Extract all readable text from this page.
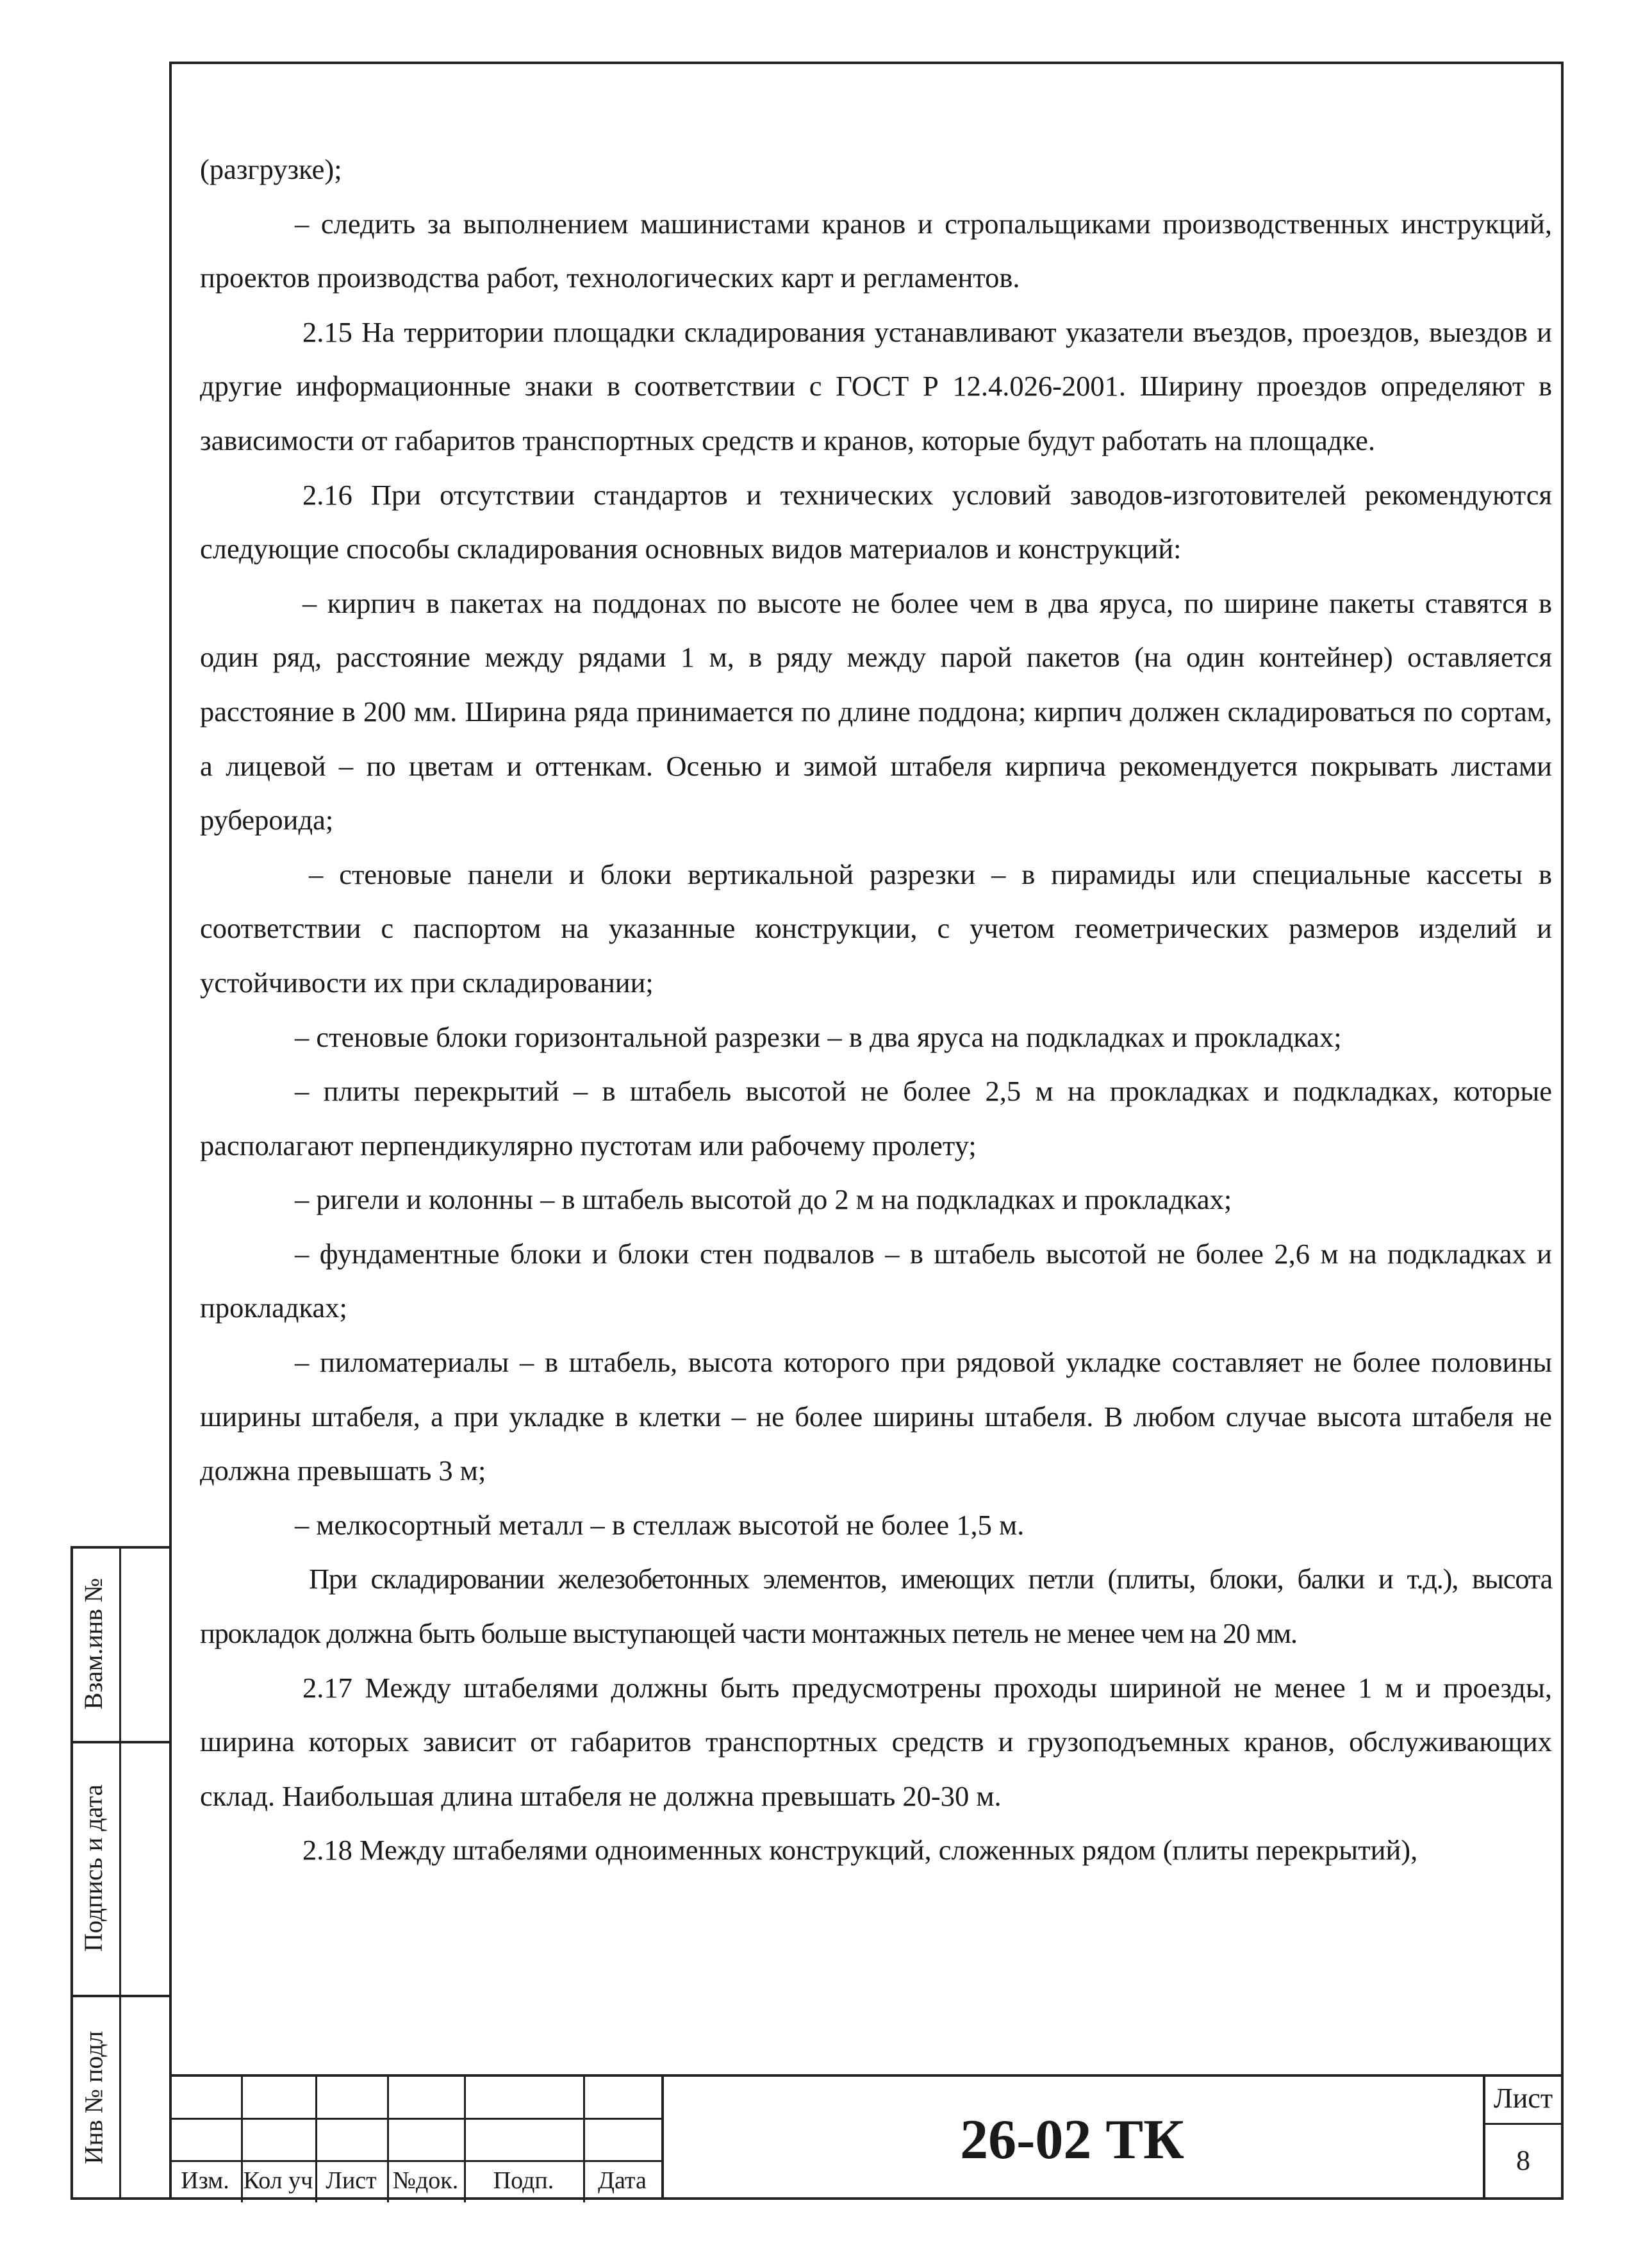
(разгрузке);

– следить за выполнением машинистами кранов и стропальщиками производственных инструкций, проектов производства работ, технологических карт и регламентов.

2.15 На территории площадки складирования устанавливают указатели въездов, проездов, выездов и другие информационные знаки в соответствии с ГОСТ Р 12.4.026-2001. Ширину проездов определяют в зависимости от габаритов транспортных средств и кранов, которые будут работать на площадке.

2.16 При отсутствии стандартов и технических условий заводов-изготовителей рекомендуются следующие способы складирования основных видов материалов и конструкций:

– кирпич в пакетах на поддонах по высоте не более чем в два яруса, по ширине пакеты ставятся в один ряд, расстояние между рядами 1 м, в ряду между парой пакетов (на один контейнер) оставляется расстояние в 200 мм. Ширина ряда принимается по длине поддона; кирпич должен складироваться по сортам, а лицевой – по цветам и оттенкам. Осенью и зимой штабеля кирпича рекомендуется покрывать листами рубероида;

– стеновые панели и блоки вертикальной разрезки – в пирамиды или специальные кассеты в соответствии с паспортом на указанные конструкции, с учетом геометрических размеров изделий и устойчивости их при складировании;

– стеновые блоки горизонтальной разрезки – в два яруса на подкладках и прокладках;

– плиты перекрытий – в штабель высотой не более 2,5 м на прокладках и подкладках, которые располагают перпендикулярно пустотам или рабочему пролету;

– ригели и колонны – в штабель высотой до 2 м на подкладках и прокладках;

– фундаментные блоки и блоки стен подвалов – в штабель высотой не более 2,6 м на подкладках и прокладках;

– пиломатериалы – в штабель, высота которого при рядовой укладке составляет не более половины ширины штабеля, а при укладке в клетки – не более ширины штабеля. В любом случае высота штабеля не должна превышать 3 м;

– мелкосортный металл – в стеллаж высотой не более 1,5 м.

При складировании железобетонных элементов, имеющих петли (плиты, блоки, балки и т.д.), высота прокладок должна быть больше выступающей части монтажных петель не менее чем на 20 мм.

2.17 Между штабелями должны быть предусмотрены проходы шириной не менее 1 м и проезды, ширина которых зависит от габаритов транспортных средств и грузоподъемных кранов, обслуживающих склад. Наибольшая длина штабеля не должна превышать 20-30 м.

2.18 Между штабелями одноименных конструкций, сложенных рядом (плиты перекрытий),

Взам.инв №
Подпись и дата
Инв № подл
Изм. Кол уч Лист №док.	Подп.	Дата
26-02 ТК
Лист
8
